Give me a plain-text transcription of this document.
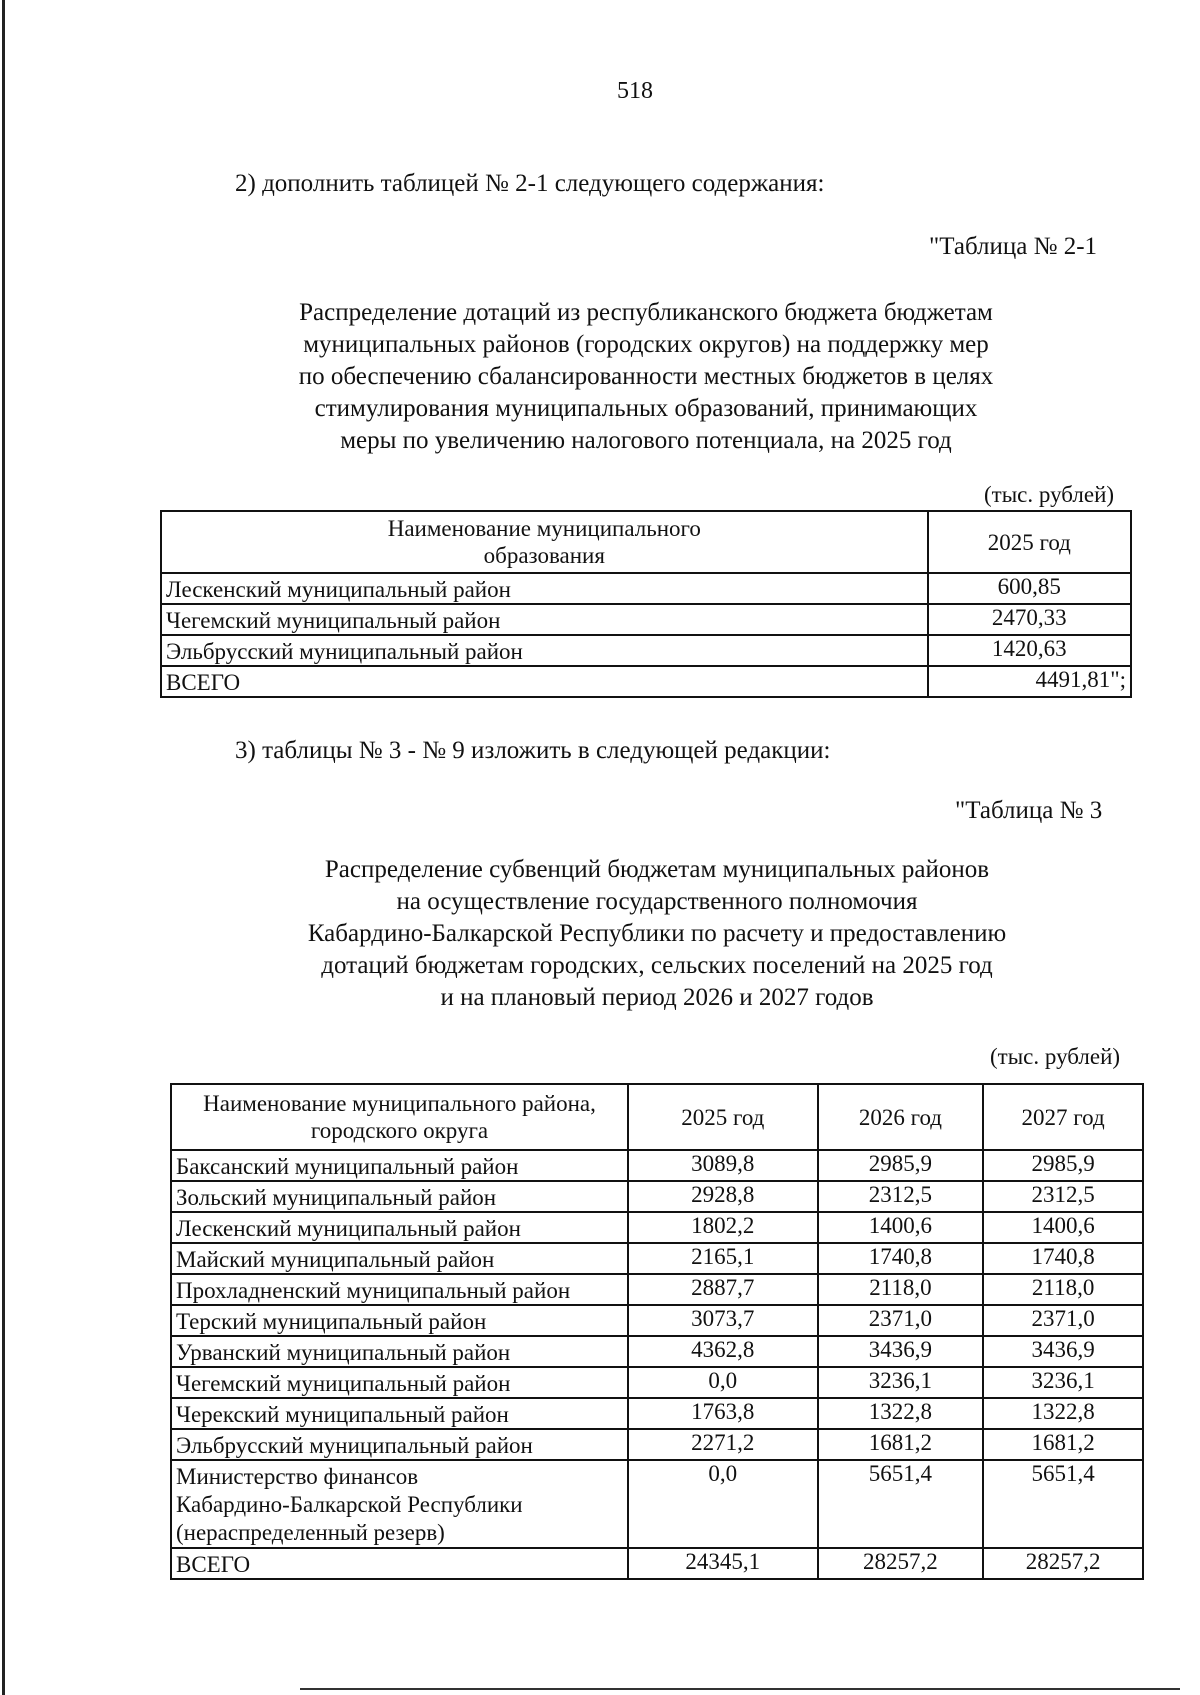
518
2) дополнить таблицей № 2-1 следующего содержания:
"Таблица № 2-1
Распределение дотаций из республиканского бюджета бюджетам
муниципальных районов (городских округов) на поддержку мер
по обеспечению сбалансированности местных бюджетов в целях
стимулирования муниципальных образований, принимающих
меры по увеличению налогового потенциала, на 2025 год
(тыс. рублей)
Наименование муниципального образования	2025 год
Лескенский муниципальный район	600,85
Чегемский муниципальный район	2470,33
Эльбрусский муниципальный район	1420,63
ВСЕГО	4491,81";
3) таблицы № 3 - № 9 изложить в следующей редакции:
"Таблица № 3
Распределение субвенций бюджетам муниципальных районов
на осуществление государственного полномочия
Кабардино-Балкарской Республики по расчету и предоставлению
дотаций бюджетам городских, сельских поселений на 2025 год
и на плановый период 2026 и 2027 годов
(тыс. рублей)
Наименование муниципального района, городского округа	2025 год	2026 год	2027 год
Баксанский муниципальный район	3089,8	2985,9	2985,9
Зольский муниципальный район	2928,8	2312,5	2312,5
Лескенский муниципальный район	1802,2	1400,6	1400,6
Майский муниципальный район	2165,1	1740,8	1740,8
Прохладненский муниципальный район	2887,7	2118,0	2118,0
Терский муниципальный район	3073,7	2371,0	2371,0
Урванский муниципальный район	4362,8	3436,9	3436,9
Чегемский муниципальный район	0,0	3236,1	3236,1
Черекский муниципальный район	1763,8	1322,8	1322,8
Эльбрусский муниципальный район	2271,2	1681,2	1681,2

Министерство финансов
Кабардино-Балкарской Республики
(нераспределенный резерв)	0,0	5651,4	5651,4
ВСЕГО	24345,1	28257,2	28257,2
